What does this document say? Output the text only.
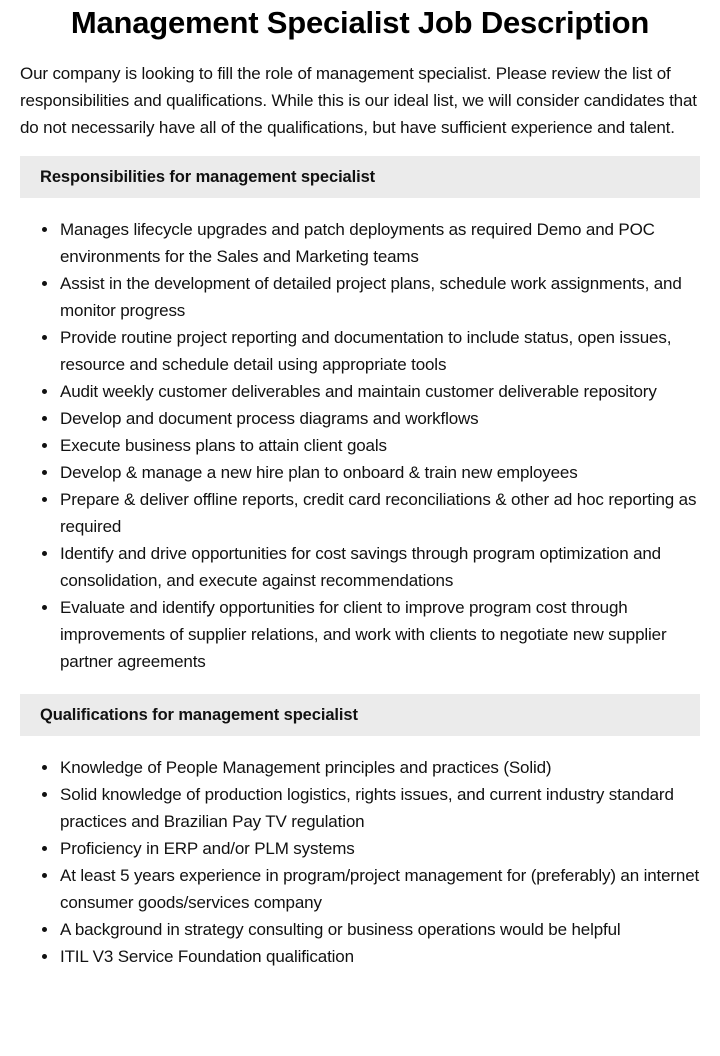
Management Specialist Job Description

Our company is looking to fill the role of management specialist. Please review the list of responsibilities and qualifications. While this is our ideal list, we will consider candidates that do not necessarily have all of the qualifications, but have sufficient experience and talent.

Responsibilities for management specialist
Manages lifecycle upgrades and patch deployments as required Demo and POC environments for the Sales and Marketing teams
Assist in the development of detailed project plans, schedule work assignments, and monitor progress
Provide routine project reporting and documentation to include status, open issues, resource and schedule detail using appropriate tools
Audit weekly customer deliverables and maintain customer deliverable repository
Develop and document process diagrams and workflows
Execute business plans to attain client goals
Develop & manage a new hire plan to onboard & train new employees
Prepare & deliver offline reports, credit card reconciliations & other ad hoc reporting as required
Identify and drive opportunities for cost savings through program optimization and consolidation, and execute against recommendations
Evaluate and identify opportunities for client to improve program cost through improvements of supplier relations, and work with clients to negotiate new supplier partner agreements
Qualifications for management specialist
Knowledge of People Management principles and practices (Solid)
Solid knowledge of production logistics, rights issues, and current industry standard practices and Brazilian Pay TV regulation
Proficiency in ERP and/or PLM systems
At least 5 years experience in program/project management for (preferably) an internet consumer goods/services company
A background in strategy consulting or business operations would be helpful
ITIL V3 Service Foundation qualification
